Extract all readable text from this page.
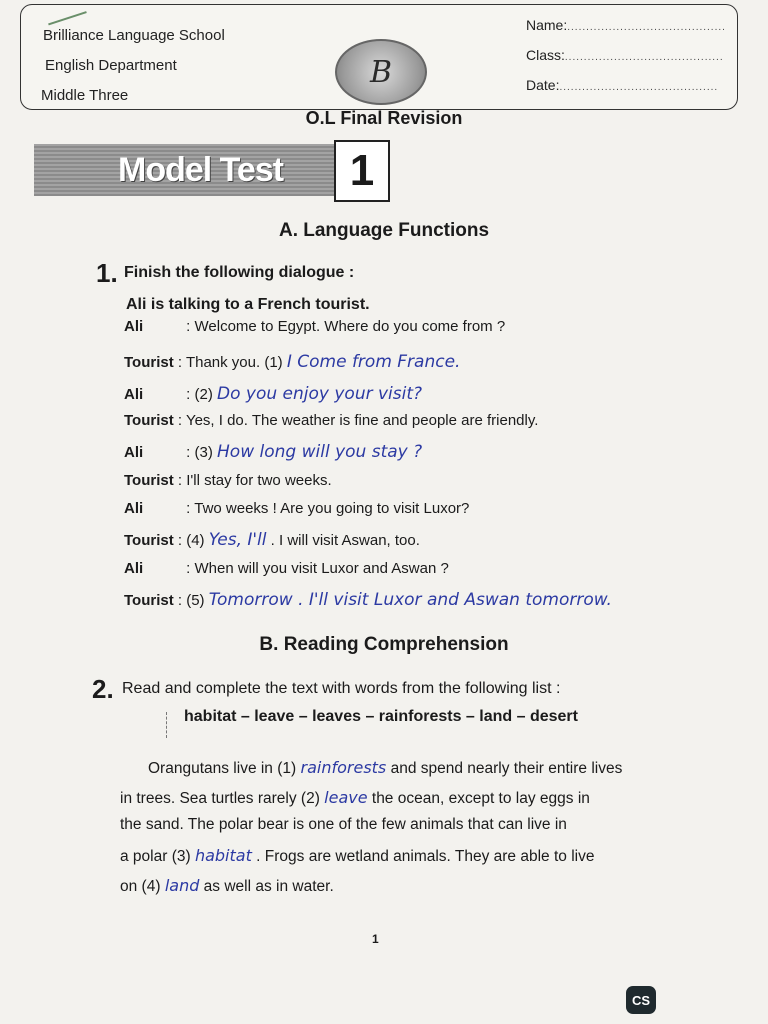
Brilliance Language School
English Department
Middle Three
B
Name:..........................................
Class:..........................................
Date:..........................................
O.L Final Revision
Model Test	1
A. Language Functions
1. Finish the following dialogue :
Ali is talking to a French tourist.
Ali	: Welcome to Egypt. Where do you come from ?
Tourist : Thank you. (1) I Come from France.
Ali	: (2) Do you enjoy your visit?
Tourist : Yes, I do. The weather is fine and people are friendly.
Ali	: (3) How long will you stay ?
Tourist : I'll stay for two weeks.
Ali	: Two weeks ! Are you going to visit Luxor?
Tourist : (4) Yes, I'll . I will visit Aswan, too.
Ali	: When will you visit Luxor and Aswan ?
Tourist : (5) Tomorrow . I'll visit Luxor and Aswan tomorrow.
B. Reading Comprehension
2. Read and complete the text with words from the following list :
habitat – leave – leaves – rainforests – land – desert
Orangutans live in (1) rainforests and spend nearly their entire lives
in trees. Sea turtles rarely (2) leave the ocean, except to lay eggs in
the sand. The polar bear is one of the few animals that can live in
a polar (3) habitat . Frogs are wetland animals. They are able to live
on (4) land as well as in water.
1
CS
